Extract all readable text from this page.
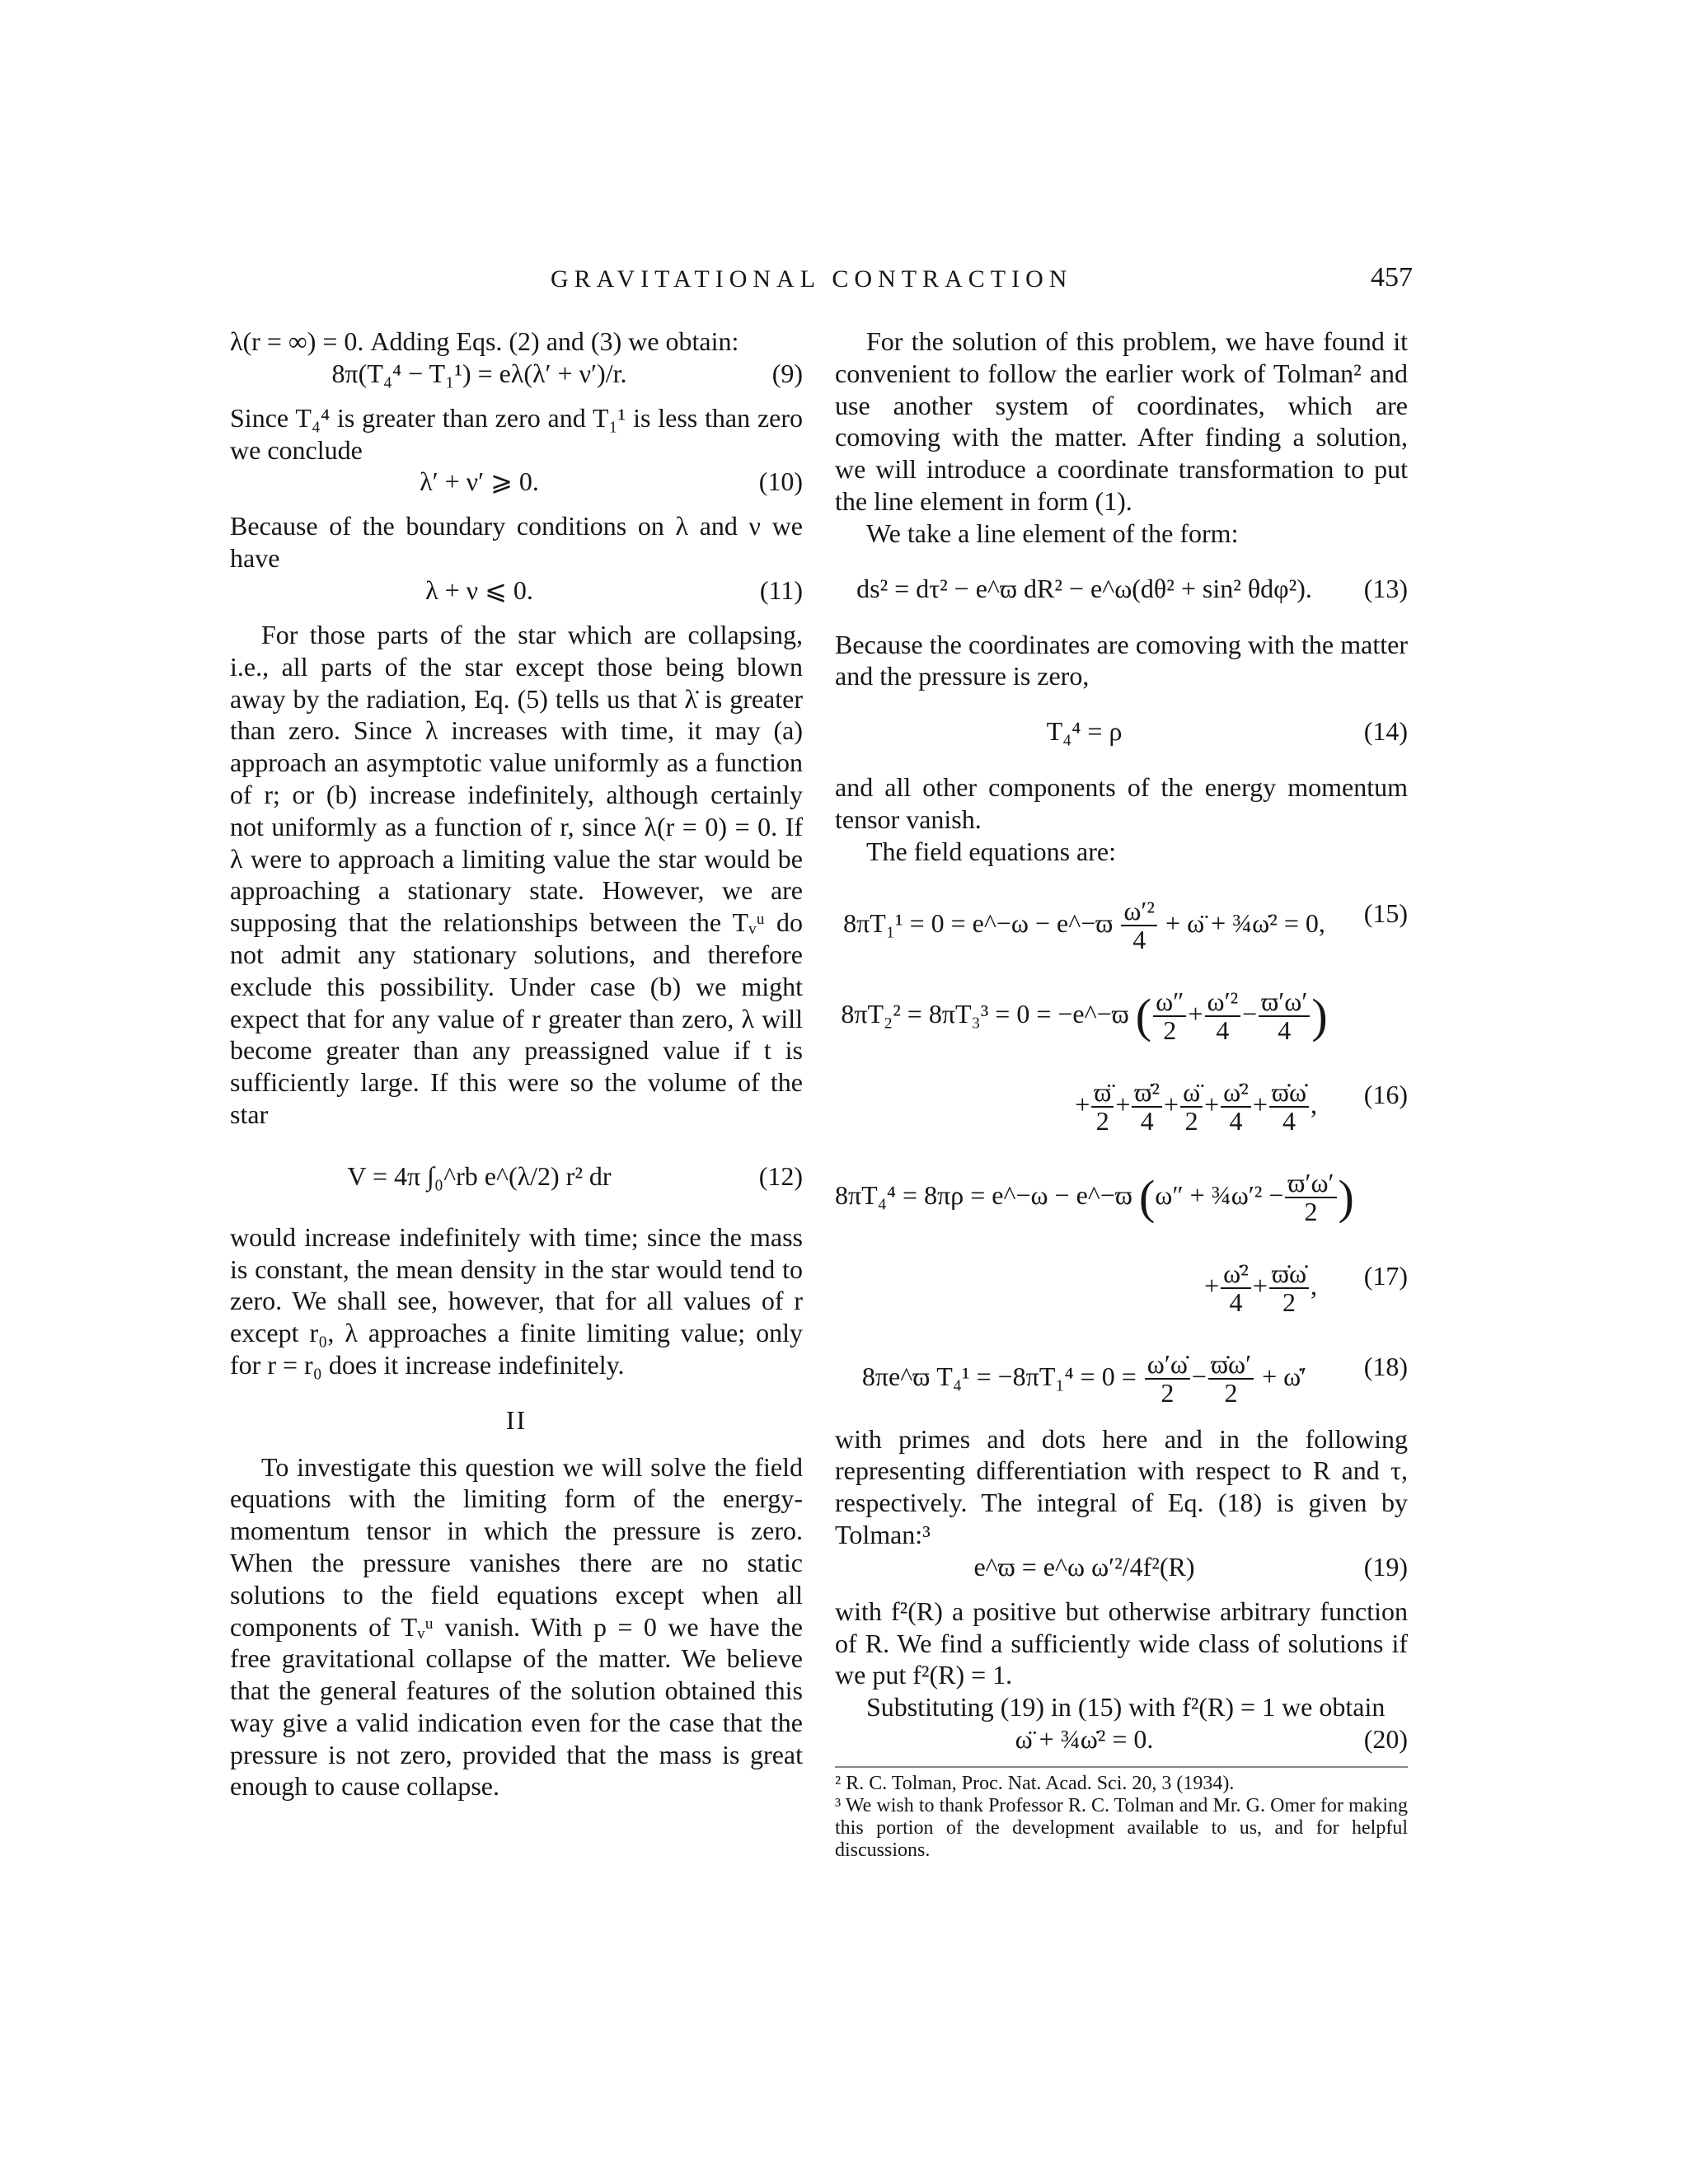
GRAVITATIONAL CONTRACTION	457

λ(r = ∞) = 0. Adding Eqs. (2) and (3) we obtain:

8π(T₄⁴ − T₁¹) = eλ(λ′ + ν′)/r.	(9)

Since T₄⁴ is greater than zero and T₁¹ is less than zero we conclude

λ′ + ν′ ⩾ 0.	(10)

Because of the boundary conditions on λ and ν we have

λ + ν ⩽ 0.	(11)

For those parts of the star which are collapsing, i.e., all parts of the star except those being blown away by the radiation, Eq. (5) tells us that λ̇ is greater than zero. Since λ increases with time, it may (a) approach an asymptotic value uniformly as a function of r; or (b) increase indefinitely, although certainly not uniformly as a function of r, since λ(r = 0) = 0. If λ were to approach a limiting value the star would be approaching a stationary state. However, we are supposing that the relationships between the Tᵥᵘ do not admit any stationary solutions, and therefore exclude this possibility. Under case (b) we might expect that for any value of r greater than zero, λ will become greater than any preassigned value if t is sufficiently large. If this were so the volume of the star

V = 4π ∫₀^rb e^(λ/2) r² dr	(12)

would increase indefinitely with time; since the mass is constant, the mean density in the star would tend to zero. We shall see, however, that for all values of r except r₀, λ approaches a finite limiting value; only for r = r₀ does it increase indefinitely.

II

To investigate this question we will solve the field equations with the limiting form of the energy-momentum tensor in which the pressure is zero. When the pressure vanishes there are no static solutions to the field equations except when all components of Tᵥᵘ vanish. With p = 0 we have the free gravitational collapse of the matter. We believe that the general features of the solution obtained this way give a valid indication even for the case that the pressure is not zero, provided that the mass is great enough to cause collapse.

For the solution of this problem, we have found it convenient to follow the earlier work of Tolman² and use another system of coordinates, which are comoving with the matter. After finding a solution, we will introduce a coordinate transformation to put the line element in form (1).

We take a line element of the form:

ds² = dτ² − e^ϖ dR² − e^ω(dθ² + sin² θdφ²).	(13)

Because the coordinates are comoving with the matter and the pressure is zero,

T₄⁴ = ρ	(14)

and all other components of the energy momentum tensor vanish.

The field equations are:

8πT₁¹ = 0 = e^−ω − e^−ϖ $\frac{\text{ω′²}}{4}$ + ω̈ + ¾ω̇² = 0,	(15)
8πT₂² = 8πT₃³ = 0 = −e^−ϖ ( $\frac{\omega''}{2} + \frac{\text{ω′²}}{4} - \frac{ϖ'\omega'}{4}$ )
+ $\frac{ϖ̈}{2} + \frac{\text{ϖ̇²}}{4} + \frac{\omegä}{2} + \frac{\text{ω̇²}}{4} + \frac{ϖ̇\omegȧ}{4}$ , (16)
8πT₄⁴ = 8πρ = e^−ω − e^−ϖ (ω″ + ¾ω′² − $\frac{ϖ'\omega'}{2}$ )
+ $\frac{\text{ω̇²}}{4} + \frac{ϖ̇\omegȧ}{2}$ , (17)
8πe^ϖ $T_4^1 = -8\pi T_1^4 = 0 = \frac{\omega'\omegȧ}{2} - \frac{ϖ̇\omega'}{2}$ + ω̇′	(18)

with primes and dots here and in the following representing differentiation with respect to R and τ, respectively. The integral of Eq. (18) is given by Tolman:³

e^ϖ = e^ω ω′²/4f²(R)	(19)

with f²(R) a positive but otherwise arbitrary function of R. We find a sufficiently wide class of solutions if we put f²(R) = 1.

Substituting (19) in (15) with f²(R) = 1 we obtain

ω̈ + ¾ω̇² = 0.	(20)

² R. C. Tolman, Proc. Nat. Acad. Sci. 20, 3 (1934).

³ We wish to thank Professor R. C. Tolman and Mr. G. Omer for making this portion of the development available to us, and for helpful discussions.
